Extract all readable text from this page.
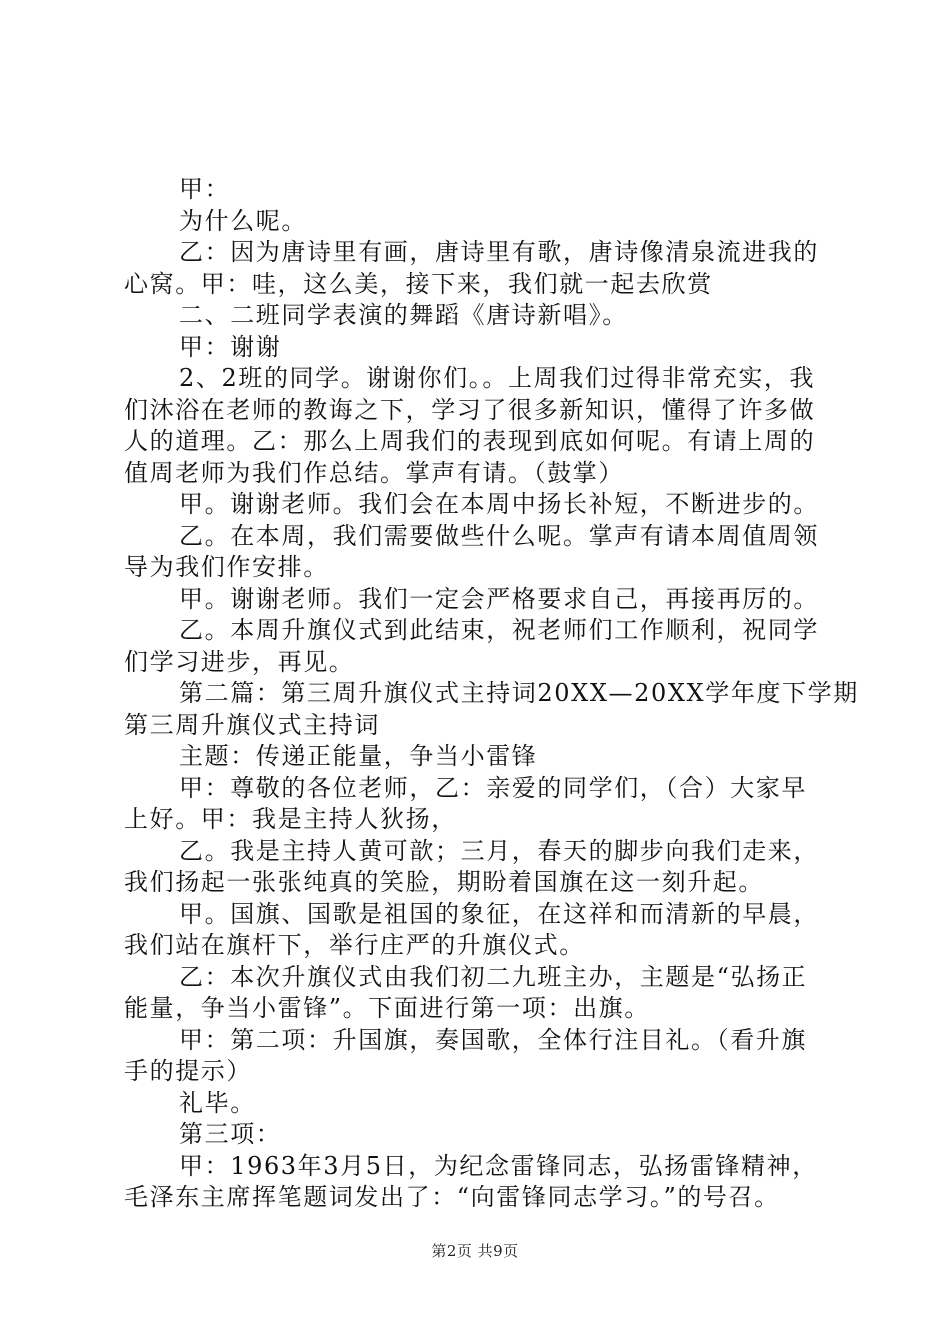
甲：
为什么呢。
乙：因为唐诗里有画，唐诗里有歌，唐诗像清泉流进我的
心窝。甲：哇，这么美，接下来，我们就一起去欣赏
二、二班同学表演的舞蹈《唐诗新唱》。
甲：谢谢
2、2班的同学。谢谢你们。。上周我们过得非常充实，我
们沐浴在老师的教诲之下，学习了很多新知识，懂得了许多做
人的道理。乙：那么上周我们的表现到底如何呢。有请上周的
值周老师为我们作总结。掌声有请。（鼓掌）
甲。谢谢老师。我们会在本周中扬长补短，不断进步的。
乙。在本周，我们需要做些什么呢。掌声有请本周值周领
导为我们作安排。
甲。谢谢老师。我们一定会严格要求自己，再接再厉的。
乙。本周升旗仪式到此结束，祝老师们工作顺利，祝同学
们学习进步，再见。
第二篇：第三周升旗仪式主持词20XX—20XX学年度下学期
第三周升旗仪式主持词
主题：传递正能量，争当小雷锋
甲：尊敬的各位老师，乙：亲爱的同学们，（合）大家早
上好。甲：我是主持人狄扬，
乙。我是主持人黄可歆；三月，春天的脚步向我们走来，
我们扬起一张张纯真的笑脸，期盼着国旗在这一刻升起。
甲。国旗、国歌是祖国的象征，在这祥和而清新的早晨，
我们站在旗杆下，举行庄严的升旗仪式。
乙：本次升旗仪式由我们初二九班主办，主题是“弘扬正
能量，争当小雷锋”。下面进行第一项：出旗。
甲：第二项：升国旗，奏国歌，全体行注目礼。（看升旗
手的提示）
礼毕。
第三项：
甲：1963年3月5日，为纪念雷锋同志，弘扬雷锋精神，
毛泽东主席挥笔题词发出了：“向雷锋同志学习。”的号召。
第2页 共9页
